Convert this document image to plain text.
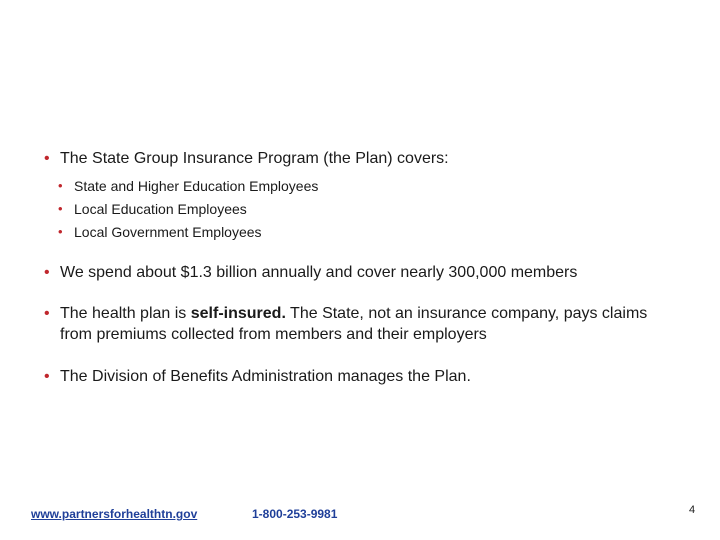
• The State Group Insurance Program (the Plan) covers:
• State and Higher Education Employees
• Local Education Employees
• Local Government Employees
• We spend about $1.3 billion annually and cover nearly 300,000 members
• The health plan is self-insured. The State, not an insurance company, pays claims from premiums collected from members and their employers
• The Division of Benefits Administration manages the Plan.
www.partnersforhealthtn.gov	1-800-253-9981	4
